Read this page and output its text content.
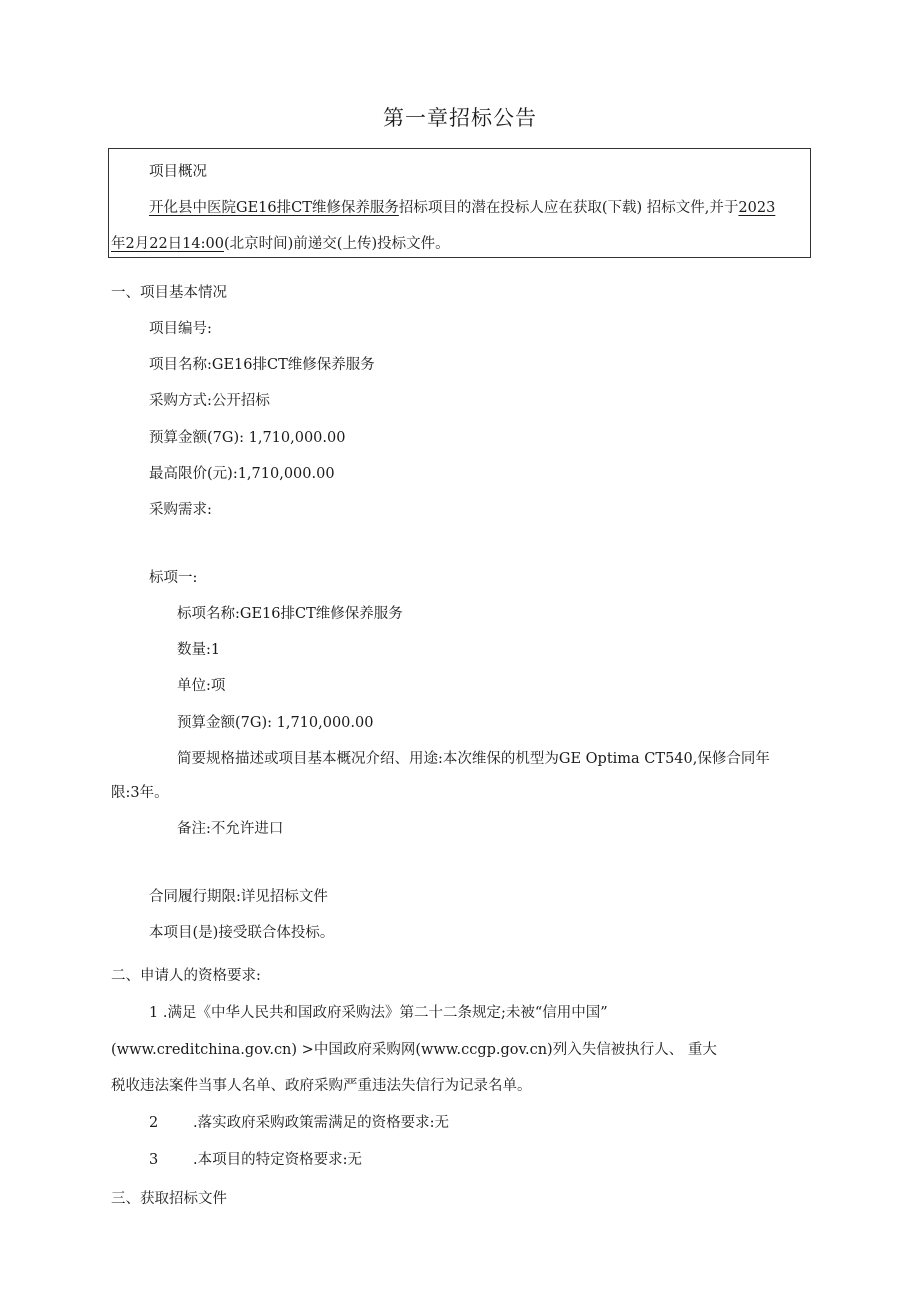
第一章招标公告
项目概况
开化县中医院GE16排CT维修保养服务招标项目的潜在投标人应在获取(下载) 招标文件,并于2023
年2月22日14:00(北京时间)前递交(上传)投标文件。
一、项目基本情况
项目编号:
项目名称:GE16排CT维修保养服务
采购方式:公开招标
预算金额(7G): 1,710,000.00
最高限价(元):1,710,000.00
采购需求:
标项一:
标项名称:GE16排CT维修保养服务
数量:1
单位:项
预算金额(7G): 1,710,000.00
简要规格描述或项目基本概况介绍、用途:本次维保的机型为GE Optima CT540,保修合同年
限:3年。
备注:不允许进口
合同履行期限:详见招标文件
本项目(是)接受联合体投标。
二、申请人的资格要求:
1 .满足《中华人民共和国政府采购法》第二十二条规定;未被“信用中国”
(www.creditchina.gov.cn) >中国政府采购网(www.ccgp.gov.cn)列入失信被执行人、 重大
税收违法案件当事人名单、政府采购严重违法失信行为记录名单。
2 .落实政府采购政策需满足的资格要求:无
3 .本项目的特定资格要求:无
三、获取招标文件
